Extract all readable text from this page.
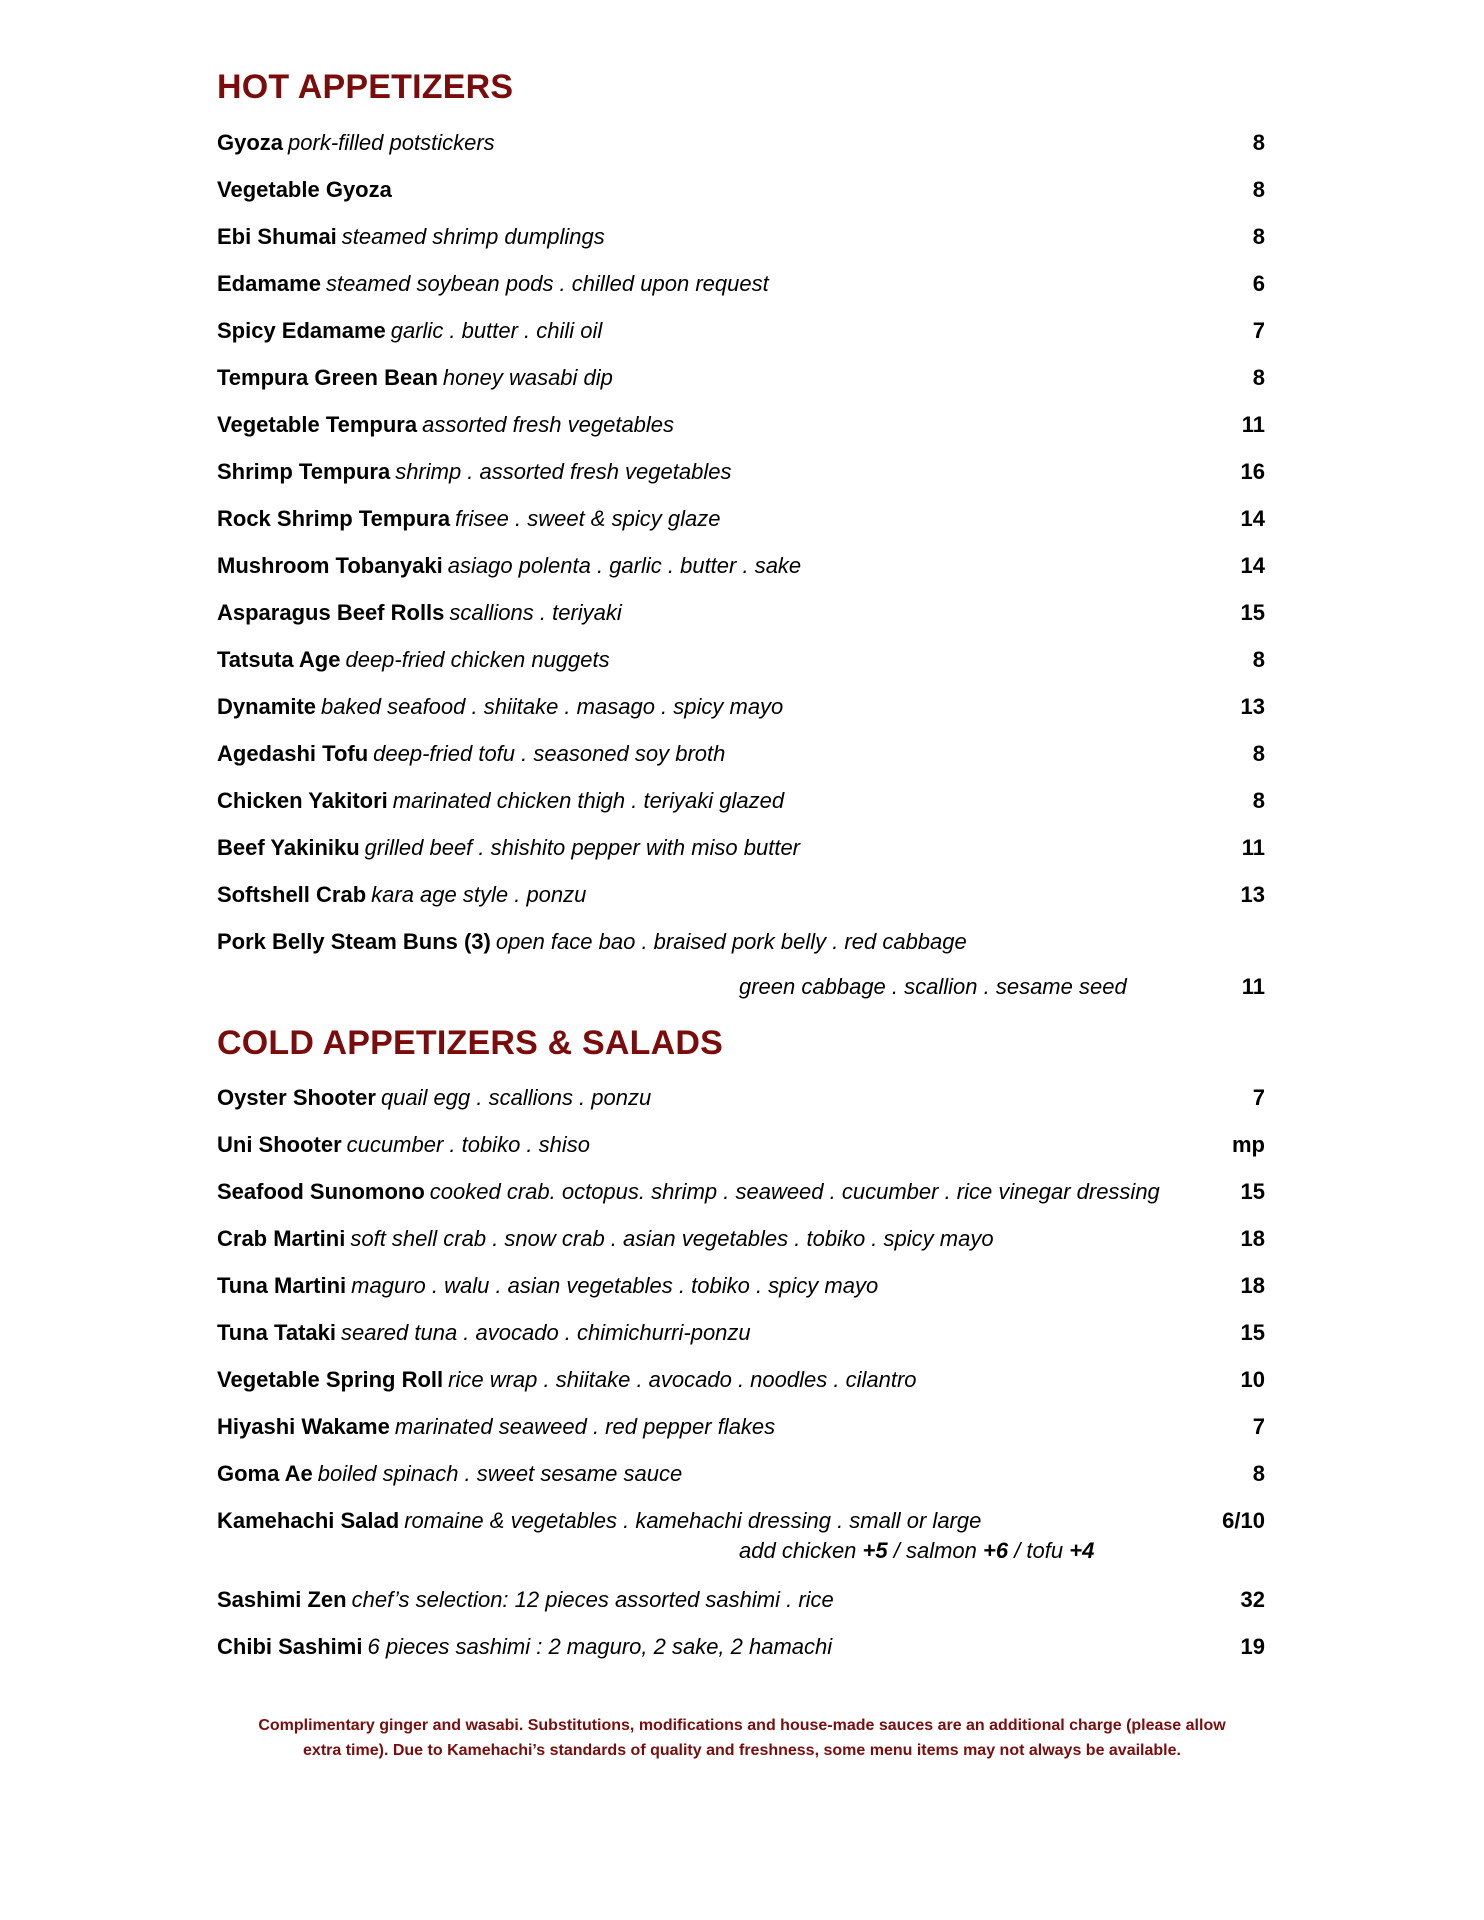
HOT APPETIZERS
Gyoza pork-filled potstickers	8
Vegetable Gyoza	8
Ebi Shumai steamed shrimp dumplings	8
Edamame steamed soybean pods . chilled upon request	6
Spicy Edamame garlic . butter . chili oil	7
Tempura Green Bean honey wasabi dip	8
Vegetable Tempura assorted fresh vegetables	11
Shrimp Tempura shrimp . assorted fresh vegetables	16
Rock Shrimp Tempura frisee . sweet & spicy glaze	14
Mushroom Tobanyaki asiago polenta . garlic . butter . sake	14
Asparagus Beef Rolls scallions . teriyaki	15
Tatsuta Age deep-fried chicken nuggets	8
Dynamite baked seafood . shiitake . masago . spicy mayo	13
Agedashi Tofu deep-fried tofu . seasoned soy broth	8
Chicken Yakitori marinated chicken thigh . teriyaki glazed	8
Beef Yakiniku grilled beef . shishito pepper with miso butter	11
Softshell Crab kara age style . ponzu	13
Pork Belly Steam Buns (3) open face bao . braised pork belly . red cabbage
green cabbage . scallion . sesame seed	11
COLD APPETIZERS & SALADS
Oyster Shooter quail egg . scallions . ponzu	7
Uni Shooter cucumber . tobiko . shiso	mp
Seafood Sunomono cooked crab. octopus. shrimp . seaweed . cucumber . rice vinegar dressing	15
Crab Martini soft shell crab . snow crab . asian vegetables . tobiko . spicy mayo	18
Tuna Martini maguro . walu . asian vegetables . tobiko . spicy mayo	18
Tuna Tataki seared tuna . avocado . chimichurri-ponzu	15
Vegetable Spring Roll rice wrap . shiitake . avocado . noodles . cilantro	10
Hiyashi Wakame marinated seaweed . red pepper flakes	7
Goma Ae boiled spinach . sweet sesame sauce	8
Kamehachi Salad romaine & vegetables . kamehachi dressing . small or large	6/10
add chicken +5 / salmon +6 / tofu +4
Sashimi Zen chef’s selection: 12 pieces assorted sashimi . rice	32
Chibi Sashimi 6 pieces sashimi : 2 maguro, 2 sake, 2 hamachi	19
Complimentary ginger and wasabi. Substitutions, modifications and house-made sauces are an additional charge (please allow
extra time). Due to Kamehachi’s standards of quality and freshness, some menu items may not always be available.
